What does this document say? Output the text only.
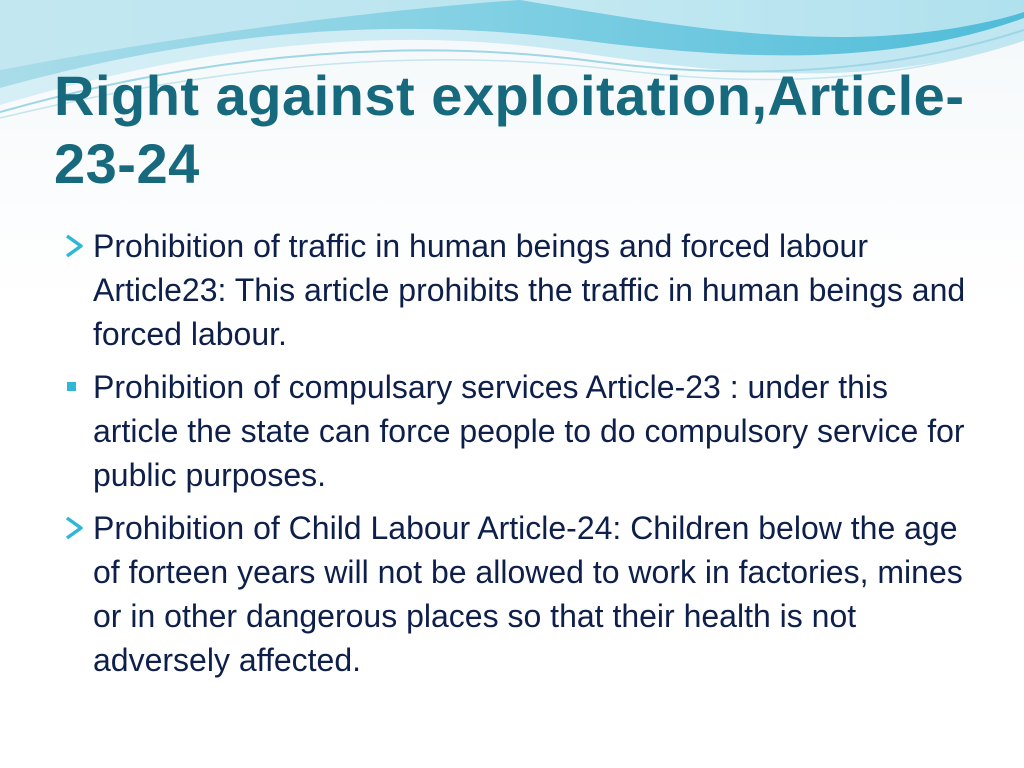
Right against exploitation,Article-23-24
Prohibition of traffic in human beings and forced labour Article23: This article prohibits the traffic in human beings and forced labour.
Prohibition of compulsary services Article-23 : under this article the state can force people to do compulsory service for public purposes.
Prohibition of Child Labour Article-24: Children below the age of forteen years will not be allowed to work in factories, mines or in other dangerous places so that their health is not adversely affected.
